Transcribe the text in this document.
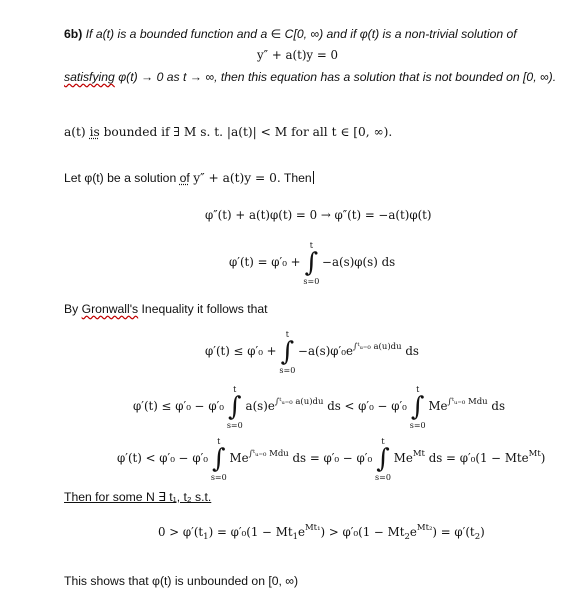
6b) If a(t) is a bounded function and a ∈ C[0, ∞) and if φ(t) is a non-trivial solution of
y″ + a(t)y = 0
satisfying φ(t) → 0 as t → ∞, then this equation has a solution that is not bounded on [0, ∞).
a(t) is bounded if ∃ M s. t. |a(t)| < M for all t ∈ [0, ∞).
Let φ(t) be a solution of y″ + a(t)y = 0. Then
φ″(t) + a(t)φ(t) = 0 → φ″(t) = −a(t)φ(t)
φ′(t) = φ′₀ + ∫
t
s=0
−a(s)φ(s) ds
By Gronwall's Inequality it follows that
φ′(t) ≤ φ′₀ + ∫
t
s=0
$-a(s)\varphi'_0e^{\int ᵗᵤ_{=0} a(u)du}$ ds
φ′(t) ≤ φ′₀ − φ′₀ ∫
t
s=0
$a(s)e^{\int ᵗᵤ_{=0} a(u)du}$ ds < φ′₀ − φ′₀ ∫
t
s=0
$Me^{\int ᵗᵤ_{=0} Mdu}$ ds
φ′(t) < φ′₀ − φ′₀ ∫
t
s=0
$Me^{\int ᵗᵤ_{=0} Mdu}$ ds = φ′₀ − φ′₀ ∫
t
s=0
$Me^{Mt}$ ds = φ′₀(1 − Mte$^{Mt}$)
Then for some N ∃ t₁, t₂ s.t.
$0 > \varphi'(t_1) = \varphi'_0(1 - Mt_1e^{Mt_1}) > \varphi'_0(1 - Mt_2e^{Mt_2}) = \varphi'(t_2)$
This shows that φ(t) is unbounded on [0, ∞)
